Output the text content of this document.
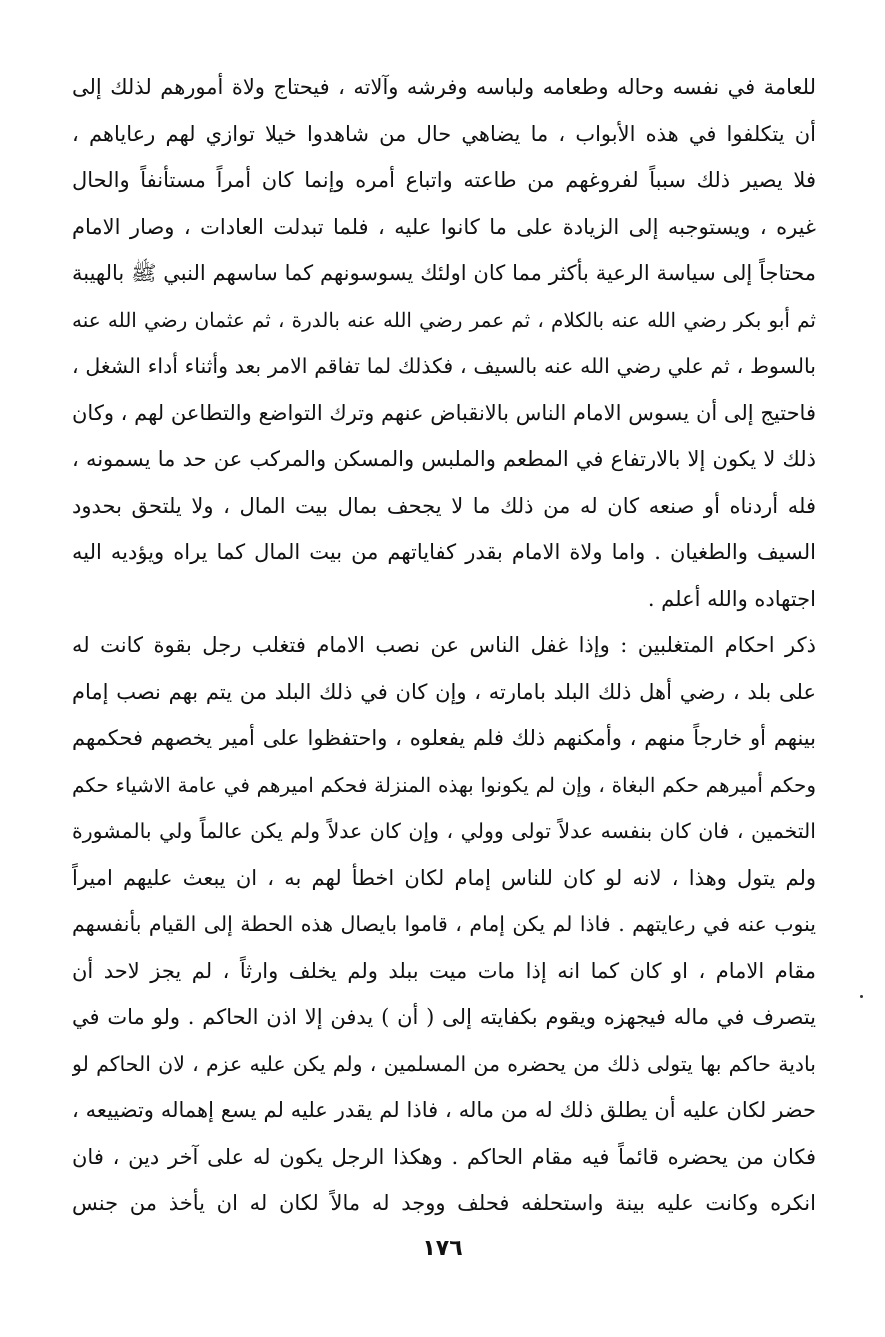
للعامة في نفسه وحاله وطعامه ولباسه وفرشه وآلاته ، فيحتاج ولاة أمورهم لذلك إلى
أن يتكلفوا في هذه الأبواب ، ما يضاهي حال من شاهدوا خيلا توازي لهم رعاياهم ،
فلا يصير ذلك سبباً لفروغهم من طاعته واتباع أمره وإنما كان أمراً مستأنفاً والحال
غيره ، ويستوجبه إلى الزيادة على ما كانوا عليه ، فلما تبدلت العادات ، وصار الامام
محتاجاً إلى سياسة الرعية بأكثر مما كان اولئك يسوسونهم كما ساسهم النبي ﷺ بالهيبة
ثم أبو بكر رضي الله عنه بالكلام ، ثم عمر رضي الله عنه بالدرة ، ثم عثمان رضي الله عنه
بالسوط ، ثم علي رضي الله عنه بالسيف ، فكذلك لما تفاقم الامر بعد وأثناء أداء الشغل ،
فاحتيج إلى أن يسوس الامام الناس بالانقباض عنهم وترك التواضع والتطاعن لهم ، وكان
ذلك لا يكون إلا بالارتفاع في المطعم والملبس والمسكن والمركب عن حد ما يسمونه ،
فله أردناه أو صنعه كان له من ذلك ما لا يجحف بمال بيت المال ، ولا يلتحق بحدود
السيف والطغيان . واما ولاة الامام بقدر كفاياتهم من بيت المال كما يراه ويؤديه اليه
اجتهاده والله أعلم .
ذكر احكام المتغلبين : وإذا غفل الناس عن نصب الامام فتغلب رجل بقوة كانت له
على بلد ، رضي أهل ذلك البلد بامارته ، وإن كان في ذلك البلد من يتم بهم نصب إمام
بينهم أو خارجاً منهم ، وأمكنهم ذلك فلم يفعلوه ، واحتفظوا على أمير يخصهم فحكمهم
وحكم أميرهم حكم البغاة ، وإن لم يكونوا بهذه المنزلة فحكم اميرهم في عامة الاشياء حكم
التخمين ، فان كان بنفسه عدلاً تولى وولي ، وإن كان عدلاً ولم يكن عالماً ولي بالمشورة
ولم يتول وهذا ، لانه لو كان للناس إمام لكان اخطأ لهم به ، ان يبعث عليهم اميراً
ينوب عنه في رعايتهم . فاذا لم يكن إمام ، قاموا بايصال هذه الحطة إلى القيام بأنفسهم
مقام الامام ، او كان كما انه إذا مات ميت ببلد ولم يخلف وارثاً ، لم يجز لاحد أن
يتصرف في ماله فيجهزه ويقوم بكفايته إلى ( أن ) يدفن إلا اذن الحاكم . ولو مات في
بادية حاكم بها يتولى ذلك من يحضره من المسلمين ، ولم يكن عليه عزم ، لان الحاكم لو
حضر لكان عليه أن يطلق ذلك له من ماله ، فاذا لم يقدر عليه لم يسع إهماله وتضييعه ،
فكان من يحضره قائماً فيه مقام الحاكم . وهكذا الرجل يكون له على آخر دين ، فان
انكره وكانت عليه بينة واستحلفه فحلف ووجد له مالاً لكان له ان يأخذ من جنس
١٧٦
